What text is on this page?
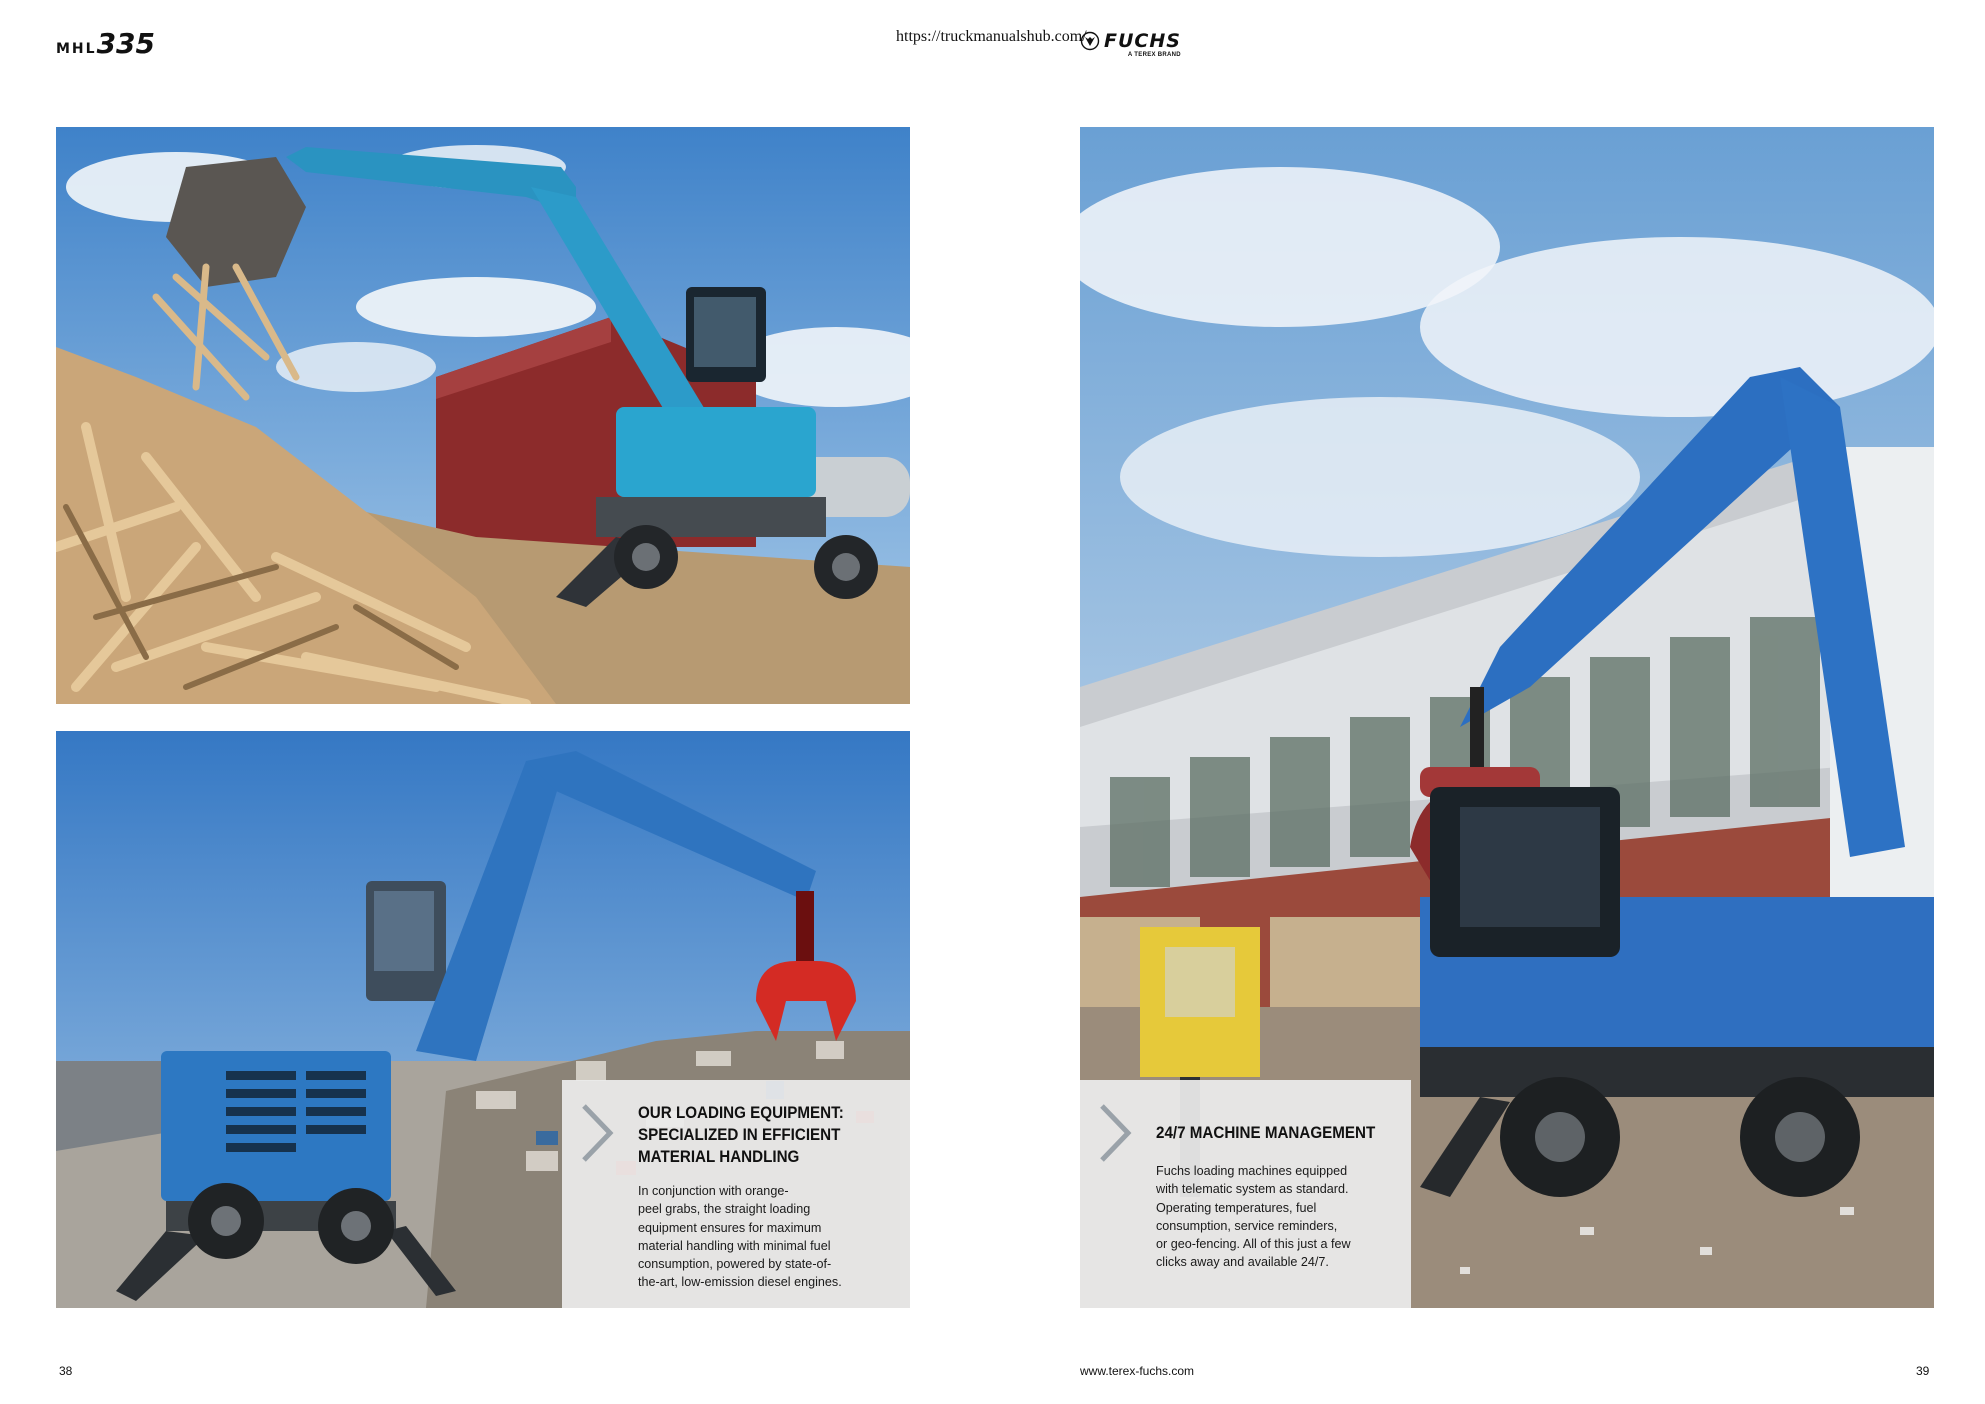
MHL335	https://truckmanualshub.com/ FUCHS
A TEREX BRAND
OUR LOADING EQUIPMENT:
SPECIALIZED IN EFFICIENT
MATERIAL HANDLING
In conjunction with orange-
peel grabs, the straight loading
equipment ensures for maximum
material handling with minimal fuel
consumption, powered by state-of-
the-art, low-emission diesel engines.
24/7 MACHINE MANAGEMENT
Fuchs loading machines equipped
with telematic system as standard.
Operating temperatures, fuel
consumption, service reminders,
or geo-fencing. All of this just a few
clicks away and available 24/7.
38	www.terex-fuchs.com	39
